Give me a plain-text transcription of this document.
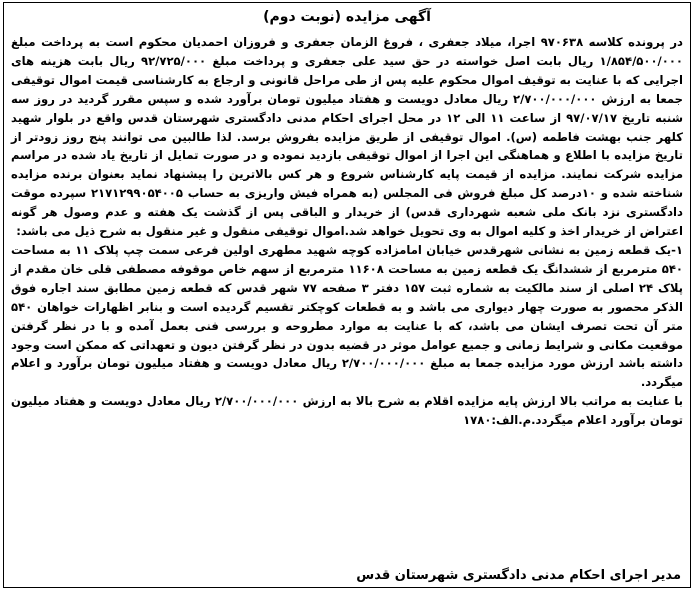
آگهی مزایده (نوبت دوم)

در پرونده کلاسه ۹۷۰۶۳۸ اجرا، میلاد جعفری ، فروغ الزمان جعفری و فروزان احمدیان محکوم است به پرداخت مبلغ ۱/۸۵۴/۵۰۰/۰۰۰ ریال بابت اصل خواسته در حق سید علی جعفری و پرداخت مبلغ ۹۲/۷۲۵/۰۰۰ ریال بابت هزینه های اجرایی که با عنایت به توقیف اموال محکوم علیه پس از طی مراحل قانونی و ارجاع به کارشناسی قیمت اموال توقیفی جمعا به ارزش ۲/۷۰۰/۰۰۰/۰۰۰ ریال معادل دویست و هفتاد میلیون تومان برآورد شده و سپس مقرر گردید در روز سه شنبه تاریخ ۹۷/۰۷/۱۷ از ساعت ۱۱ الی ۱۲ در محل اجرای احکام مدنی دادگستری شهرستان قدس واقع در بلوار شهید کلهر جنب بهشت فاطمه (س). اموال توقیفی از طریق مزایده بفروش برسد. لذا طالبین می توانند پنج روز زودتر از تاریخ مزایده با اطلاع و هماهنگی این اجرا از اموال توقیفی بازدید نموده و در صورت تمایل از تاریخ یاد شده در مراسم مزایده شرکت نمایند. مزایده از قیمت پایه کارشناس شروع و هر کس بالاترین را پیشنهاد نماید بعنوان برنده مزایده شناخته شده و ۱۰درصد کل مبلغ فروش فی المجلس (به همراه فیش واریزی به حساب ۲۱۷۱۲۹۹۰۵۴۰۰۵ سپرده موقت دادگستری نزد بانک ملی شعبه شهرداری قدس) از خریدار و الباقی پس از گذشت یک هفته و عدم وصول هر گونه اعتراض از خریدار اخذ و کلیه اموال به وی تحویل خواهد شد.اموال توقیفی منقول و غیر منقول به شرح ذیل می باشد:

۱-یک قطعه زمین به نشانی شهرقدس خیابان امامزاده کوچه شهید مطهری اولین فرعی سمت چپ پلاک ۱۱ به مساحت ۵۴۰ مترمربع از ششدانگ یک قطعه زمین به مساحت ۱۱۶۰۸ مترمربع از سهم خاص موقوفه مصطفی قلی خان مقدم از پلاک ۲۴ اصلی از سند مالکیت به شماره ثبت ۱۵۷ دفتر ۳ صفحه ۷۷ شهر قدس که قطعه زمین مطابق سند اجاره فوق الذکر محصور به صورت چهار دیواری می باشد و به قطعات کوچکتر تقسیم گردیده است و بنابر اظهارات خواهان ۵۴۰ متر آن تحت تصرف ایشان می باشد، که با عنایت به موارد مطروحه و بررسی فنی بعمل آمده و با در نظر گرفتن موقعیت مکانی و شرایط زمانی و جمیع عوامل موثر در قضیه بدون در نظر گرفتن دیون و تعهداتی که ممکن است وجود داشته باشد ارزش مورد مزایده جمعا به مبلغ ۲/۷۰۰/۰۰۰/۰۰۰ ریال معادل دویست و هفتاد میلیون تومان برآورد و اعلام میگردد.

با عنایت به مراتب بالا ارزش پایه مزایده اقلام به شرح بالا به ارزش ۲/۷۰۰/۰۰۰/۰۰۰ ریال معادل دویست و هفتاد میلیون تومان برآورد اعلام میگردد.م.الف:۱۷۸۰

مدیر اجرای احکام مدنی دادگستری شهرستان قدس
